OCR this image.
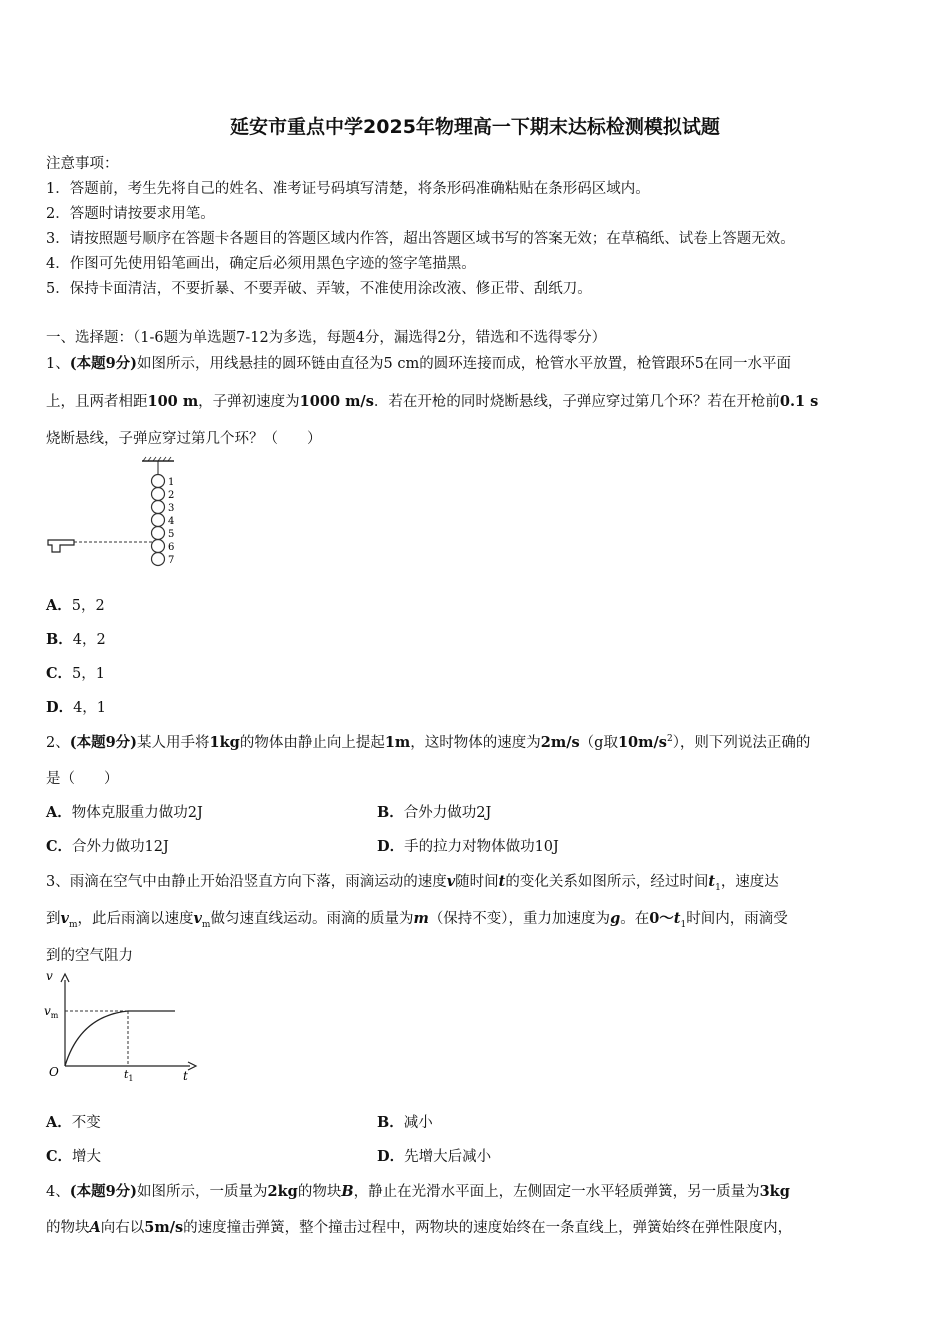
延安市重点中学2025年物理高一下期末达标检测模拟试题
注意事项：
1．答题前，考生先将自己的姓名、准考证号码填写清楚，将条形码准确粘贴在条形码区域内。
2．答题时请按要求用笔。
3．请按照题号顺序在答题卡各题目的答题区域内作答，超出答题区域书写的答案无效；在草稿纸、试卷上答题无效。
4．作图可先使用铅笔画出，确定后必须用黑色字迹的签字笔描黑。
5．保持卡面清洁，不要折暴、不要弄破、弄皱，不准使用涂改液、修正带、刮纸刀。
一、选择题：（1-6题为单选题7-12为多选，每题4分，漏选得2分，错选和不选得零分）
1、(本题9分)如图所示，用线悬挂的圆环链由直径为5 cm的圆环连接而成，枪管水平放置，枪管跟环5在同一水平面
上，且两者相距100 m，子弹初速度为1000 m/s．若在开枪的同时烧断悬线，子弹应穿过第几个环？若在开枪前0.1 s
烧断悬线，子弹应穿过第几个环？（　　）
1
2
3
4
5
6
7
A．5，2
B．4，2
C．5，1
D．4，1
2、(本题9分)某人用手将1kg的物体由静止向上提起1m，这时物体的速度为2m/s（g取$10m/s^2$），则下列说法正确的
是（　　）
A．物体克服重力做功2J	B．合外力做功2J
C．合外力做功12J	D．手的拉力对物体做功10J
3、雨滴在空气中由静止开始沿竖直方向下落，雨滴运动的速度v随时间t的变化关系如图所示，经过时间$t_1$，速度达
到$v_m$，此后雨滴以速度$v_m$做匀速直线运动。雨滴的质量为m（保持不变），重力加速度为g。在$0\sim t_1$时间内，雨滴受
到的空气阻力
v
$v_m$
O	$t_1$	t
A．不变	B．减小
C．增大	D．先增大后减小
4、(本题9分)如图所示，一质量为2kg的物块B，静止在光滑水平面上，左侧固定一水平轻质弹簧，另一质量为3kg
的物块A向右以5m/s的速度撞击弹簧，整个撞击过程中，两物块的速度始终在一条直线上，弹簧始终在弹性限度内，
